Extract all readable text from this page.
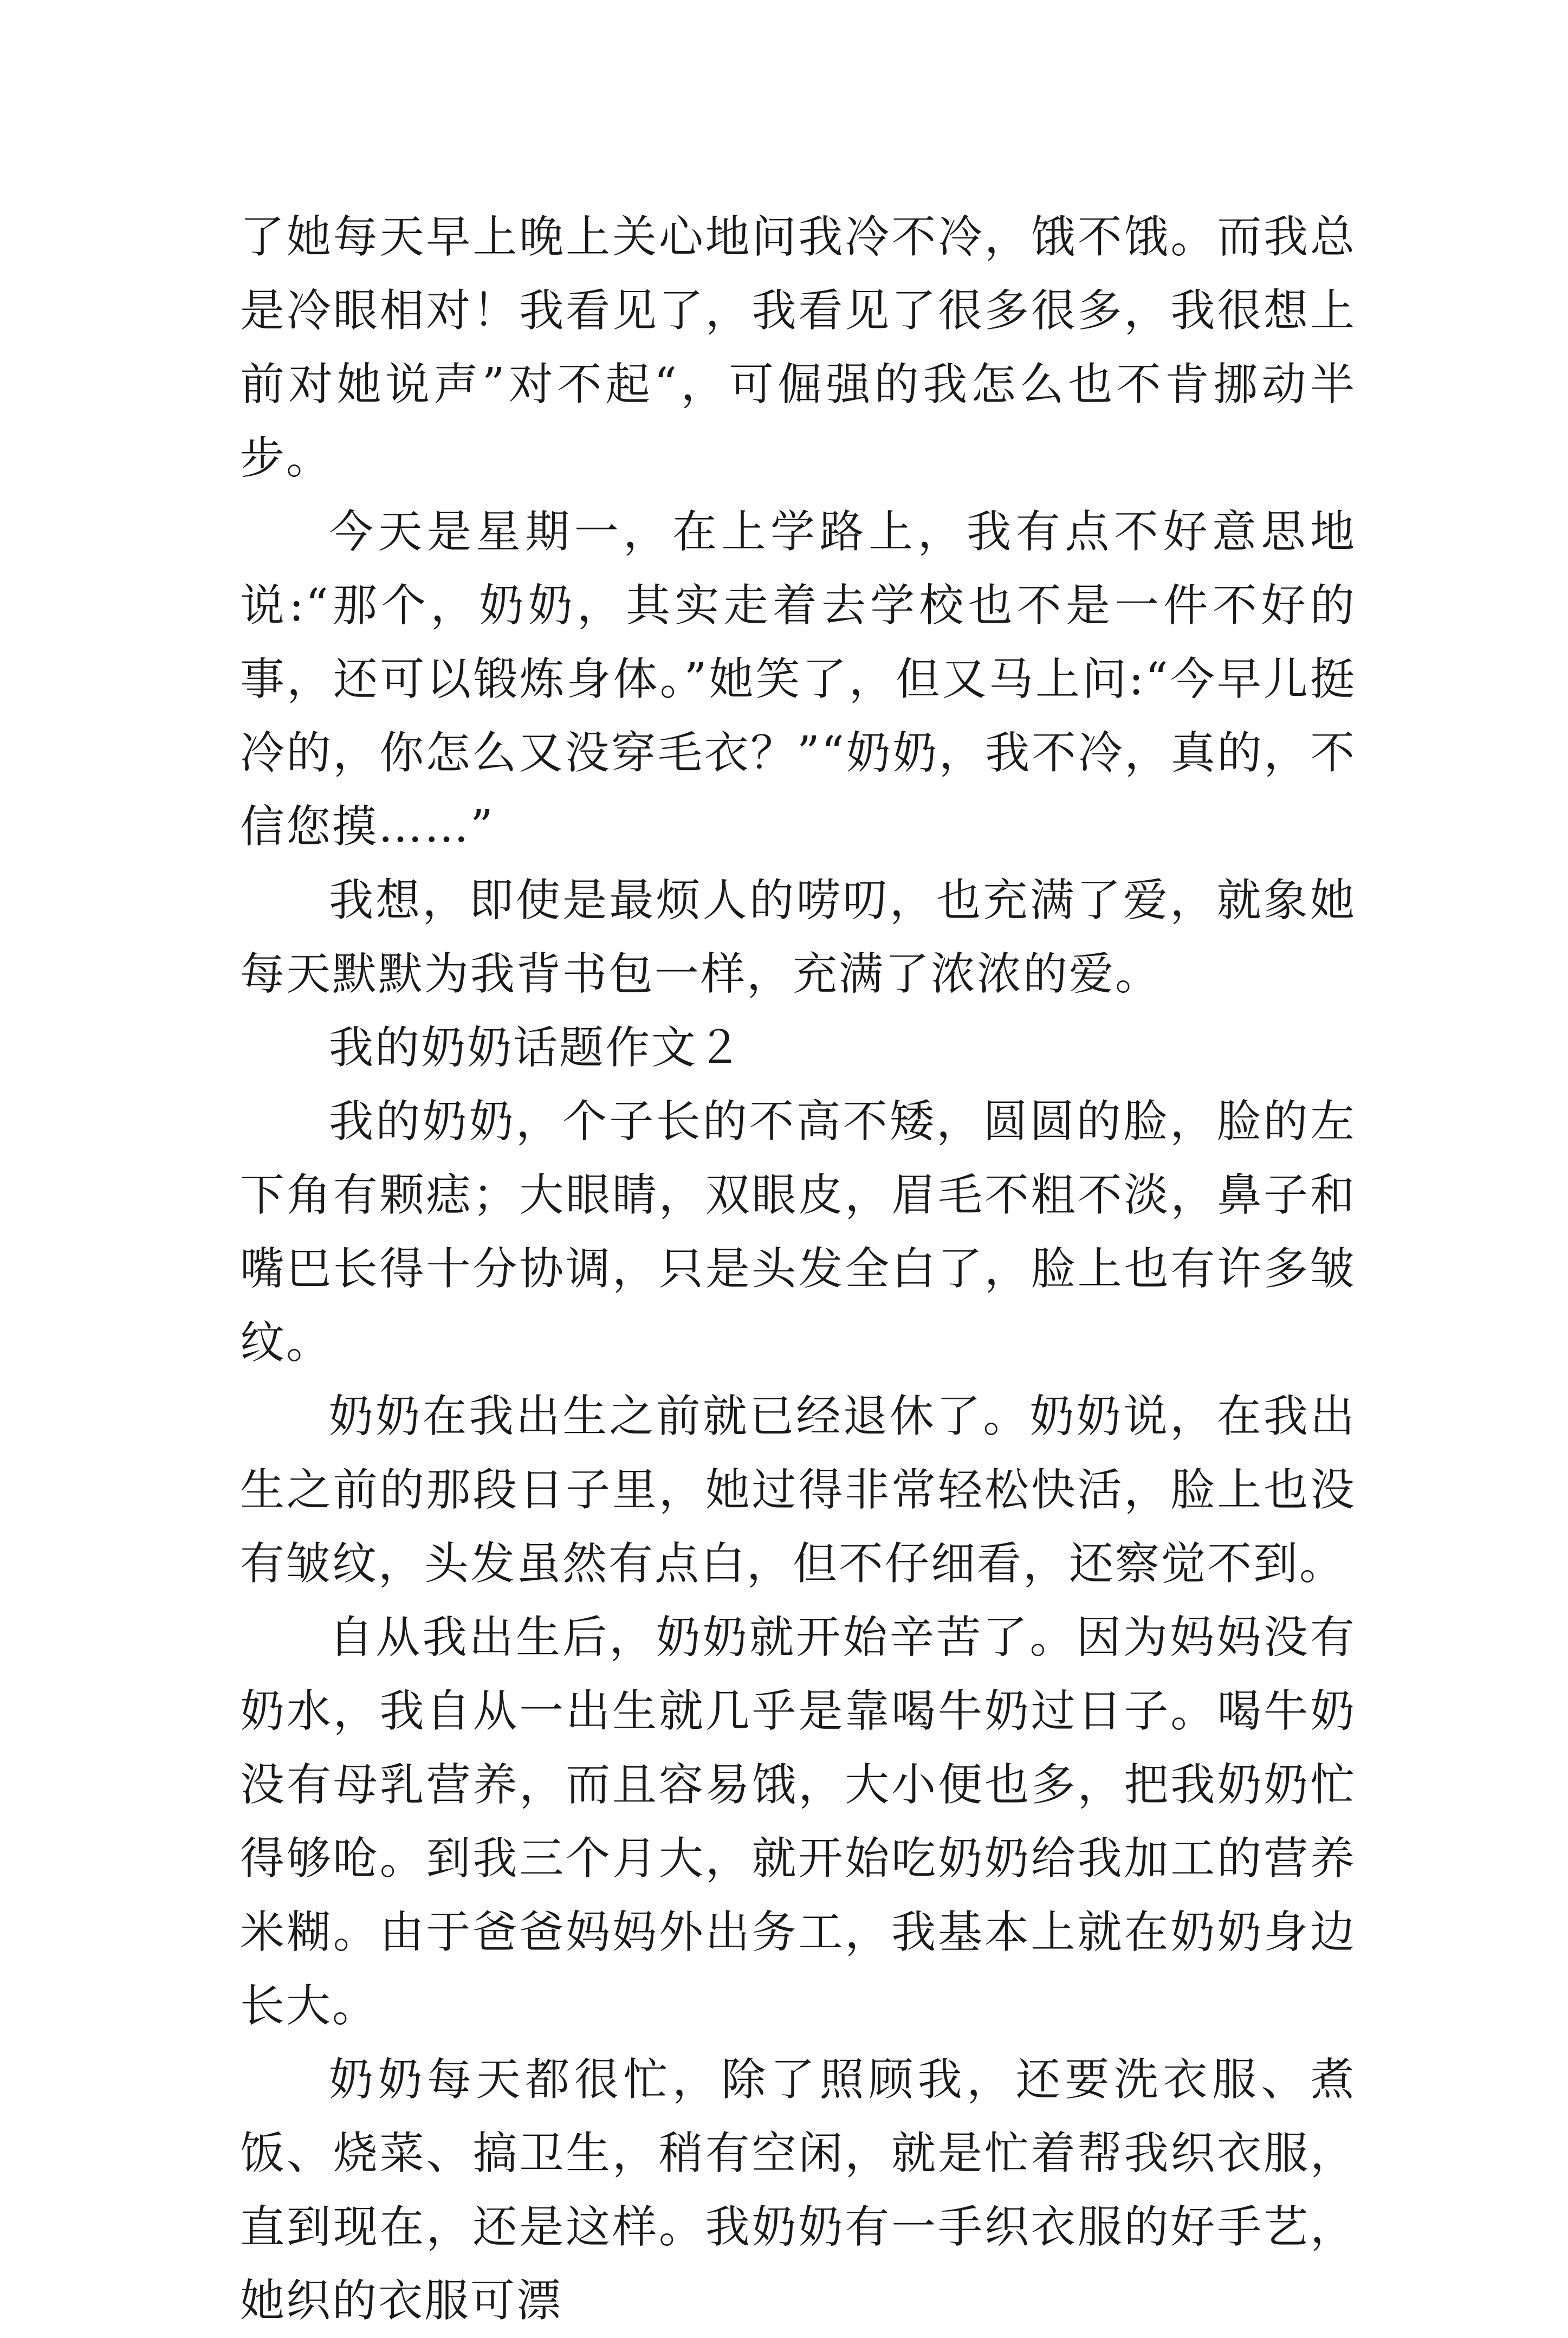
了她每天早上晚上关心地问我冷不冷，饿不饿。而我总是冷眼相对！我看见了，我看见了很多很多，我很想上前对她说声”对不起“，可倔强的我怎么也不肯挪动半步。

今天是星期一，在上学路上，我有点不好意思地说:“那个，奶奶，其实走着去学校也不是一件不好的事，还可以锻炼身体。”她笑了，但又马上问:“今早儿挺冷的，你怎么又没穿毛衣？”“奶奶，我不冷，真的，不信您摸……”

我想，即使是最烦人的唠叨，也充满了爱，就象她每天默默为我背书包一样，充满了浓浓的爱。

我的奶奶话题作文２

我的奶奶，个子长的不高不矮，圆圆的脸，脸的左下角有颗痣；大眼睛，双眼皮，眉毛不粗不淡，鼻子和嘴巴长得十分协调，只是头发全白了，脸上也有许多皱纹。

奶奶在我出生之前就已经退休了。奶奶说，在我出生之前的那段日子里，她过得非常轻松快活，脸上也没有皱纹，头发虽然有点白，但不仔细看，还察觉不到。

自从我出生后，奶奶就开始辛苦了。因为妈妈没有奶水，我自从一出生就几乎是靠喝牛奶过日子。喝牛奶没有母乳营养，而且容易饿，大小便也多，把我奶奶忙得够呛。到我三个月大，就开始吃奶奶给我加工的营养米糊。由于爸爸妈妈外出务工，我基本上就在奶奶身边长大。

奶奶每天都很忙，除了照顾我，还要洗衣服、煮饭、烧菜、搞卫生，稍有空闲，就是忙着帮我织衣服，直到现在，还是这样。我奶奶有一手织衣服的好手艺，她织的衣服可漂
